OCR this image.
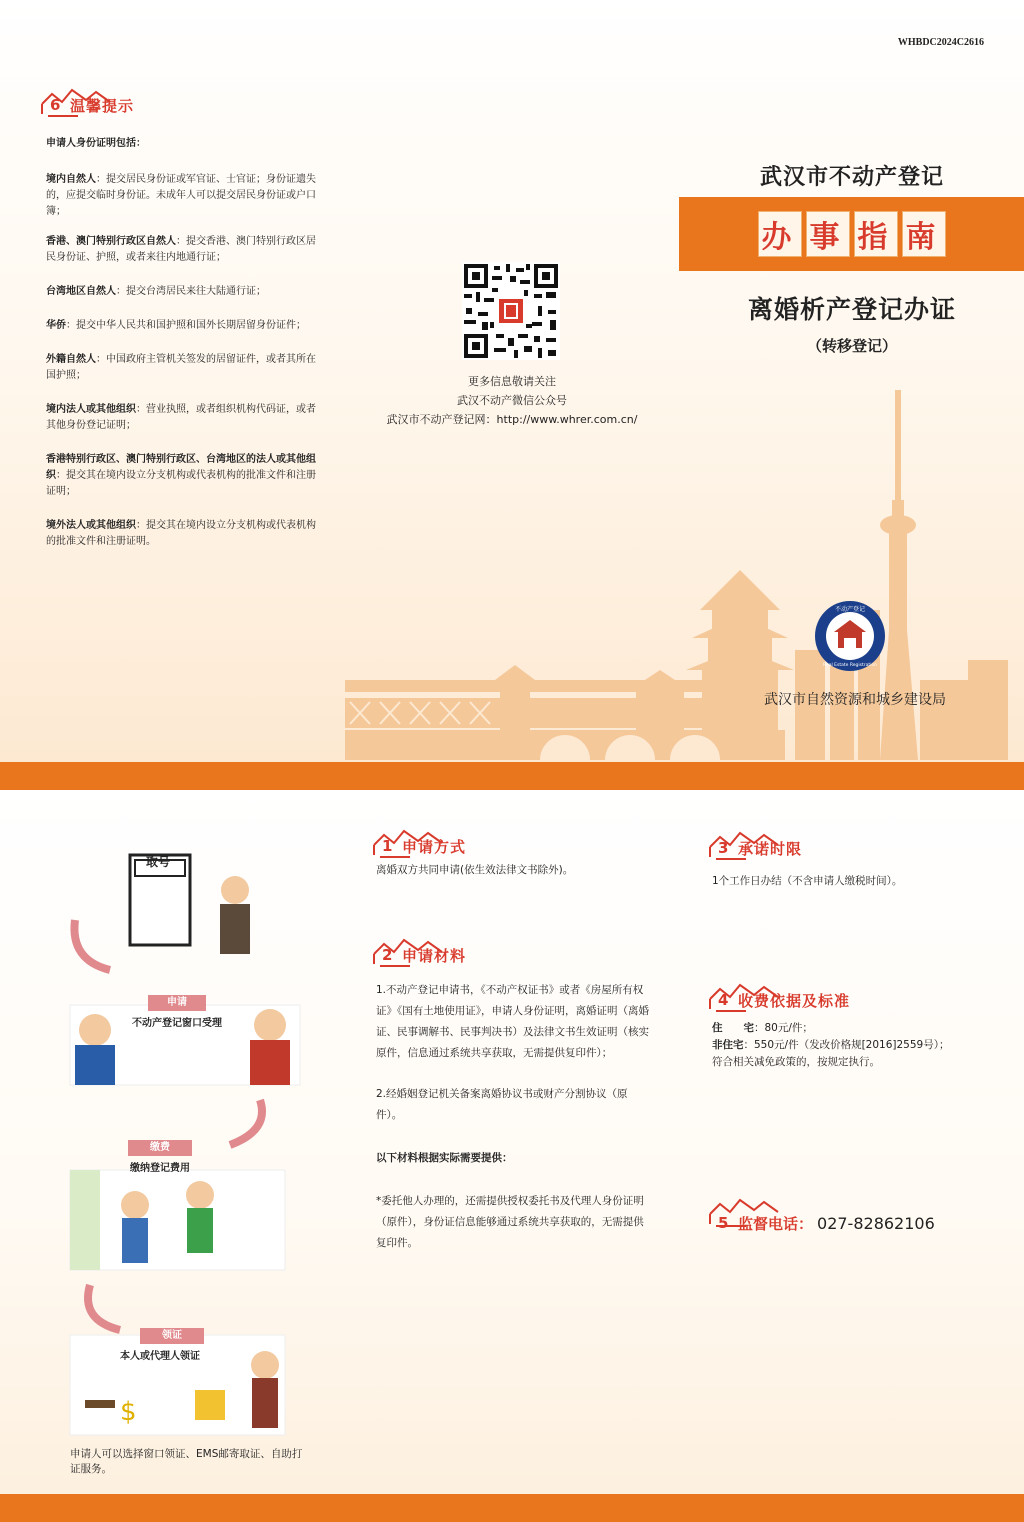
WHBDC2024C2616
6 温馨提示
申请人身份证明包括：
境内自然人：提交居民身份证或军官证、士官证；身份证遗失的，应提交临时身份证。未成年人可以提交居民身份证或户口簿；
香港、澳门特别行政区自然人：提交香港、澳门特别行政区居民身份证、护照，或者来往内地通行证；
台湾地区自然人：提交台湾居民来往大陆通行证；
华侨：提交中华人民共和国护照和国外长期居留身份证件；
外籍自然人：中国政府主管机关签发的居留证件，或者其所在国护照；
境内法人或其他组织：营业执照，或者组织机构代码证，或者其他身份登记证明；
香港特别行政区、澳门特别行政区、台湾地区的法人或其他组织：提交其在境内设立分支机构或代表机构的批准文件和注册证明；
境外法人或其他组织：提交其在境内设立分支机构或代表机构的批准文件和注册证明。
更多信息敬请关注
武汉不动产微信公众号
武汉市不动产登记网：http://www.whrer.com.cn/
武汉市不动产登记
办 事 指 南
离婚析产登记办证
（转移登记）
不动产登记
Real Estate Registration
武汉市自然资源和城乡建设局
$
取号
申请
不动产登记窗口受理
缴费
缴纳登记费用
领证
本人或代理人领证
申请人可以选择窗口领证、EMS邮寄取证、自助打证服务。
1 申请方式
离婚双方共同申请(依生效法律文书除外)。
2 申请材料
1.不动产登记申请书，《不动产权证书》或者《房屋所有权证》《国有土地使用证》，申请人身份证明，离婚证明（离婚证、民事调解书、民事判决书）及法律文书生效证明（核实原件，信息通过系统共享获取，无需提供复印件）；
2.经婚姻登记机关备案离婚协议书或财产分割协议（原件）。
以下材料根据实际需要提供：
*委托他人办理的，还需提供授权委托书及代理人身份证明（原件），身份证信息能够通过系统共享获取的，无需提供复印件。
3 承诺时限
1个工作日办结（不含申请人缴税时间）。
4 收费依据及标准
住　　宅：80元/件；
非住宅：550元/件（发改价格规[2016]2559号）；
符合相关减免政策的，按规定执行。
5 监督电话： 027-82862106
